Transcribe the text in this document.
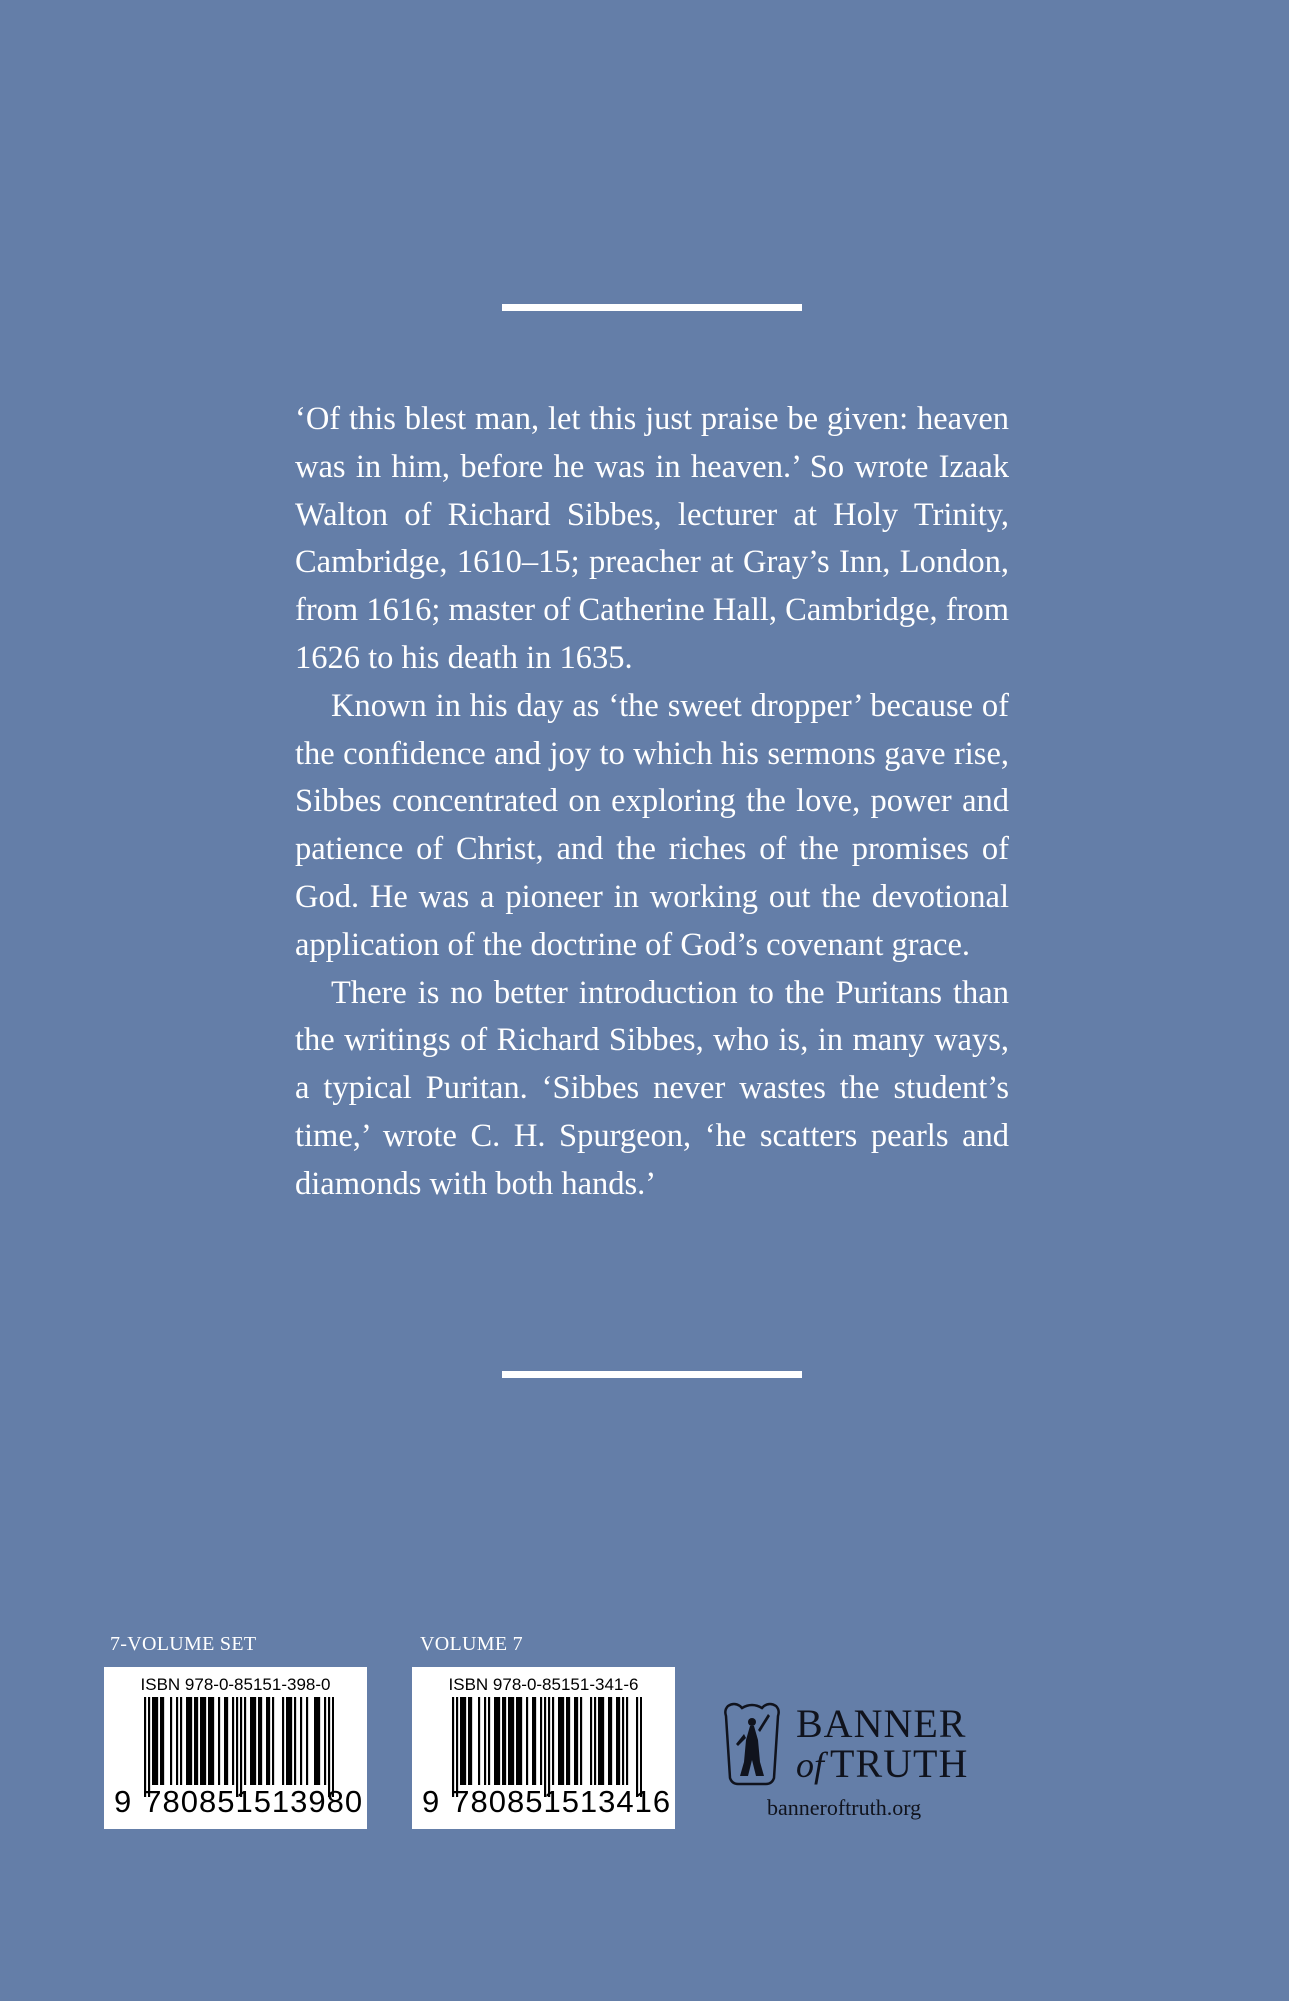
‘Of this blest man, let this just praise be given: heaven was in him, before he was in heaven.’ So wrote Izaak Walton of Richard Sibbes, lecturer at Holy Trinity, Cambridge, 1610–15; preacher at Gray’s Inn, London, from 1616; master of Catherine Hall, Cambridge, from 1626 to his death in 1635.

Known in his day as ‘the sweet dropper’ because of the confidence and joy to which his sermons gave rise, Sibbes concentrated on exploring the love, power and patience of Christ, and the riches of the promises of God. He was a pioneer in working out the devotional application of the doctrine of God’s covenant grace.

There is no better introduction to the Puritans than the writings of Richard Sibbes, who is, in many ways, a typical Puritan. ‘Sibbes never wastes the student’s time,’ wrote C. H. Spurgeon, ‘he scatters pearls and diamonds with both hands.’

7-VOLUME SET	VOLUME 7
ISBN 978-0-85151-398-0
9 780851513980
ISBN 978-0-85151-341-6
9 780851513416
BANNER
of TRUTH
banneroftruth.org
